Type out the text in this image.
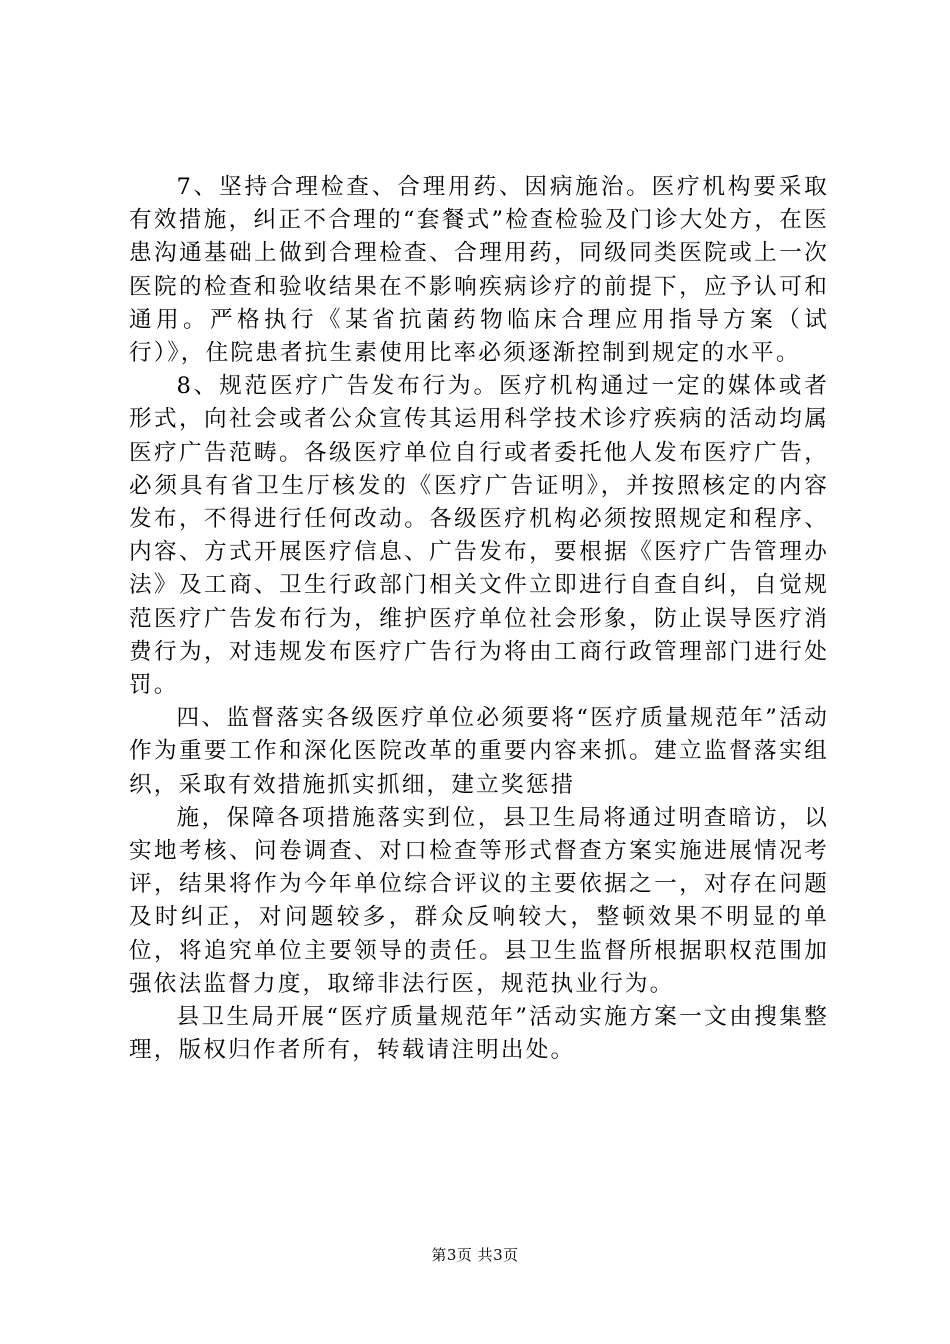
7、坚持合理检查、合理用药、因病施治。医疗机构要采取有效措施，纠正不合理的“套餐式”检查检验及门诊大处方，在医患沟通基础上做到合理检查、合理用药，同级同类医院或上一次医院的检查和验收结果在不影响疾病诊疗的前提下，应予认可和通用。严格执行《某省抗菌药物临床合理应用指导方案（试行）》，住院患者抗生素使用比率必须逐渐控制到规定的水平。

8、规范医疗广告发布行为。医疗机构通过一定的媒体或者形式，向社会或者公众宣传其运用科学技术诊疗疾病的活动均属医疗广告范畴。各级医疗单位自行或者委托他人发布医疗广告，必须具有省卫生厅核发的《医疗广告证明》，并按照核定的内容发布，不得进行任何改动。各级医疗机构必须按照规定和程序、内容、方式开展医疗信息、广告发布，要根据《医疗广告管理办法》及工商、卫生行政部门相关文件立即进行自查自纠，自觉规范医疗广告发布行为，维护医疗单位社会形象，防止误导医疗消费行为，对违规发布医疗广告行为将由工商行政管理部门进行处罚。

四、监督落实各级医疗单位必须要将“医疗质量规范年”活动作为重要工作和深化医院改革的重要内容来抓。建立监督落实组织，采取有效措施抓实抓细，建立奖惩措

施，保障各项措施落实到位，县卫生局将通过明查暗访，以实地考核、问卷调查、对口检查等形式督查方案实施进展情况考评，结果将作为今年单位综合评议的主要依据之一，对存在问题及时纠正，对问题较多，群众反响较大，整顿效果不明显的单位，将追究单位主要领导的责任。县卫生监督所根据职权范围加强依法监督力度，取缔非法行医，规范执业行为。

县卫生局开展“医疗质量规范年”活动实施方案一文由搜集整理，版权归作者所有，转载请注明出处。

第3页 共3页
